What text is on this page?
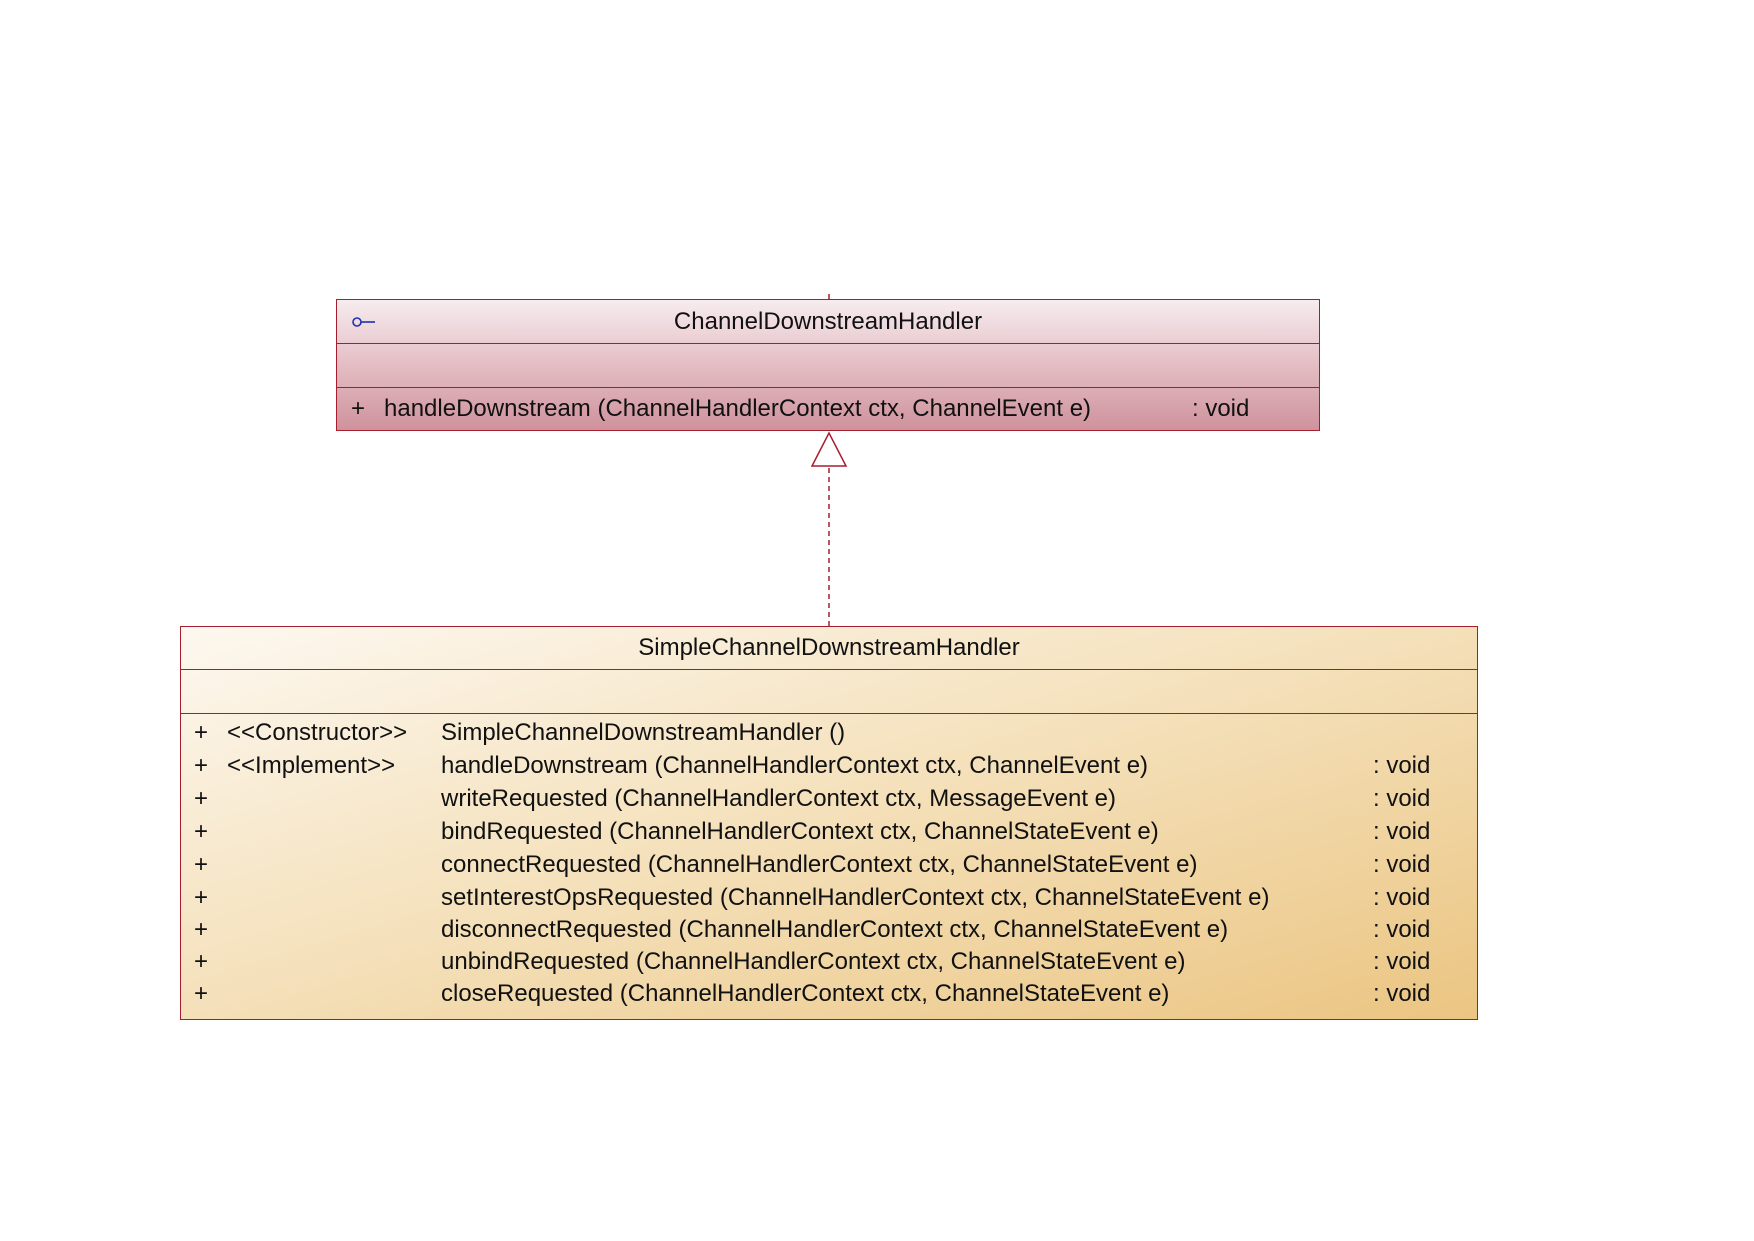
ChannelDownstreamHandler
+ handleDownstream (ChannelHandlerContext ctx, ChannelEvent e)	: void
SimpleChannelDownstreamHandler
+ <<Constructor>> SimpleChannelDownstreamHandler ()
+ <<Implement>> handleDownstream (ChannelHandlerContext ctx, ChannelEvent e)	: void
+	writeRequested (ChannelHandlerContext ctx, MessageEvent e)	: void
+	bindRequested (ChannelHandlerContext ctx, ChannelStateEvent e)	: void
+	connectRequested (ChannelHandlerContext ctx, ChannelStateEvent e)	: void
+	setInterestOpsRequested (ChannelHandlerContext ctx, ChannelStateEvent e)	: void
+	disconnectRequested (ChannelHandlerContext ctx, ChannelStateEvent e)	: void
+	unbindRequested (ChannelHandlerContext ctx, ChannelStateEvent e)	: void
+	closeRequested (ChannelHandlerContext ctx, ChannelStateEvent e)	: void
